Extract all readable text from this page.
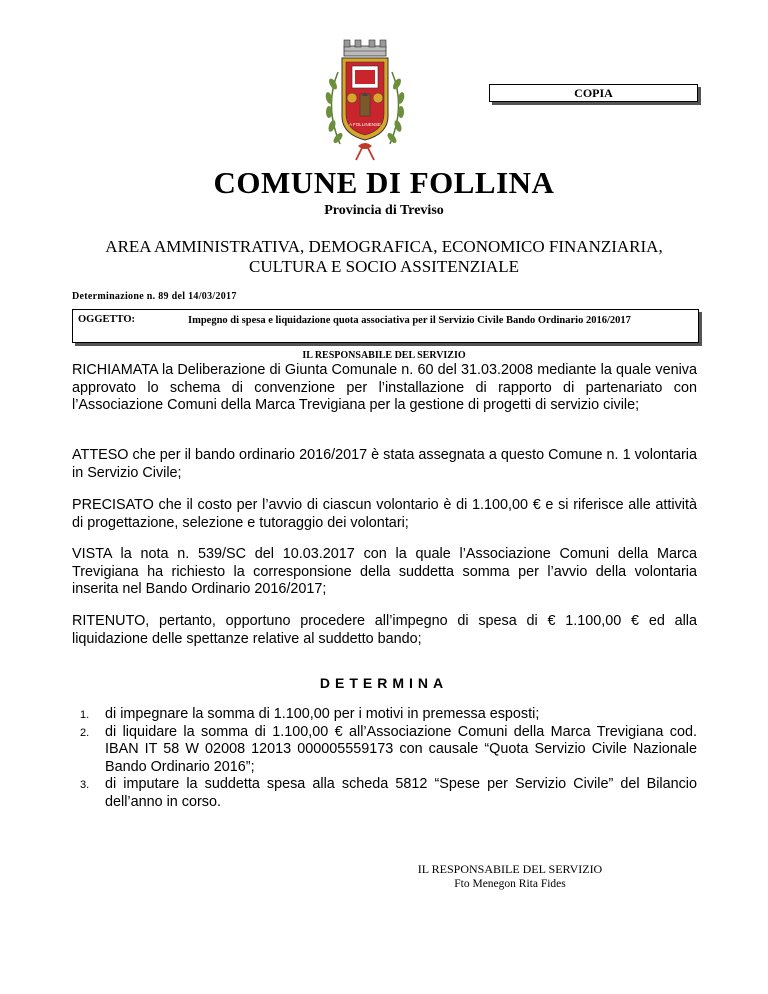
A FOLLINENSE
COPIA
COMUNE DI FOLLINA
Provincia di Treviso
AREA AMMINISTRATIVA, DEMOGRAFICA, ECONOMICO FINANZIARIA,
CULTURA E SOCIO ASSITENZIALE
Determinazione n. 89 del 14/03/2017
OGGETTO:	Impegno di spesa e liquidazione quota associativa per il Servizio Civile Bando Ordinario 2016/2017
IL RESPONSABILE DEL SERVIZIO
RICHIAMATA la Deliberazione di Giunta Comunale n. 60 del 31.03.2008 mediante la quale veniva approvato lo schema di convenzione per l’installazione di rapporto di partenariato con l’Associazione Comuni della Marca Trevigiana per la gestione di progetti di servizio civile;
ATTESO che per il bando ordinario 2016/2017 è stata assegnata a questo Comune n. 1 volontaria in Servizio Civile;
PRECISATO che il costo per l’avvio di ciascun volontario è di 1.100,00 € e si riferisce alle attività di progettazione, selezione e tutoraggio dei volontari;
VISTA la nota n. 539/SC del 10.03.2017 con la quale l’Associazione Comuni della Marca Trevigiana ha richiesto la corresponsione della suddetta somma per l’avvio della volontaria inserita nel Bando Ordinario 2016/2017;
RITENUTO, pertanto, opportuno procedere all’impegno di spesa di € 1.100,00 € ed alla liquidazione delle spettanze relative al suddetto bando;
DETERMINA
1. di impegnare la somma di 1.100,00 per i motivi in premessa esposti;
2. di liquidare la somma di 1.100,00 € all’Associazione Comuni della Marca Trevigiana cod. IBAN IT 58 W 02008 12013 000005559173 con causale “Quota Servizio Civile Nazionale Bando Ordinario 2016”;
3. di imputare la suddetta spesa alla scheda 5812 “Spese per Servizio Civile” del Bilancio dell’anno in corso.
IL RESPONSABILE DEL SERVIZIO
Fto Menegon Rita Fides
